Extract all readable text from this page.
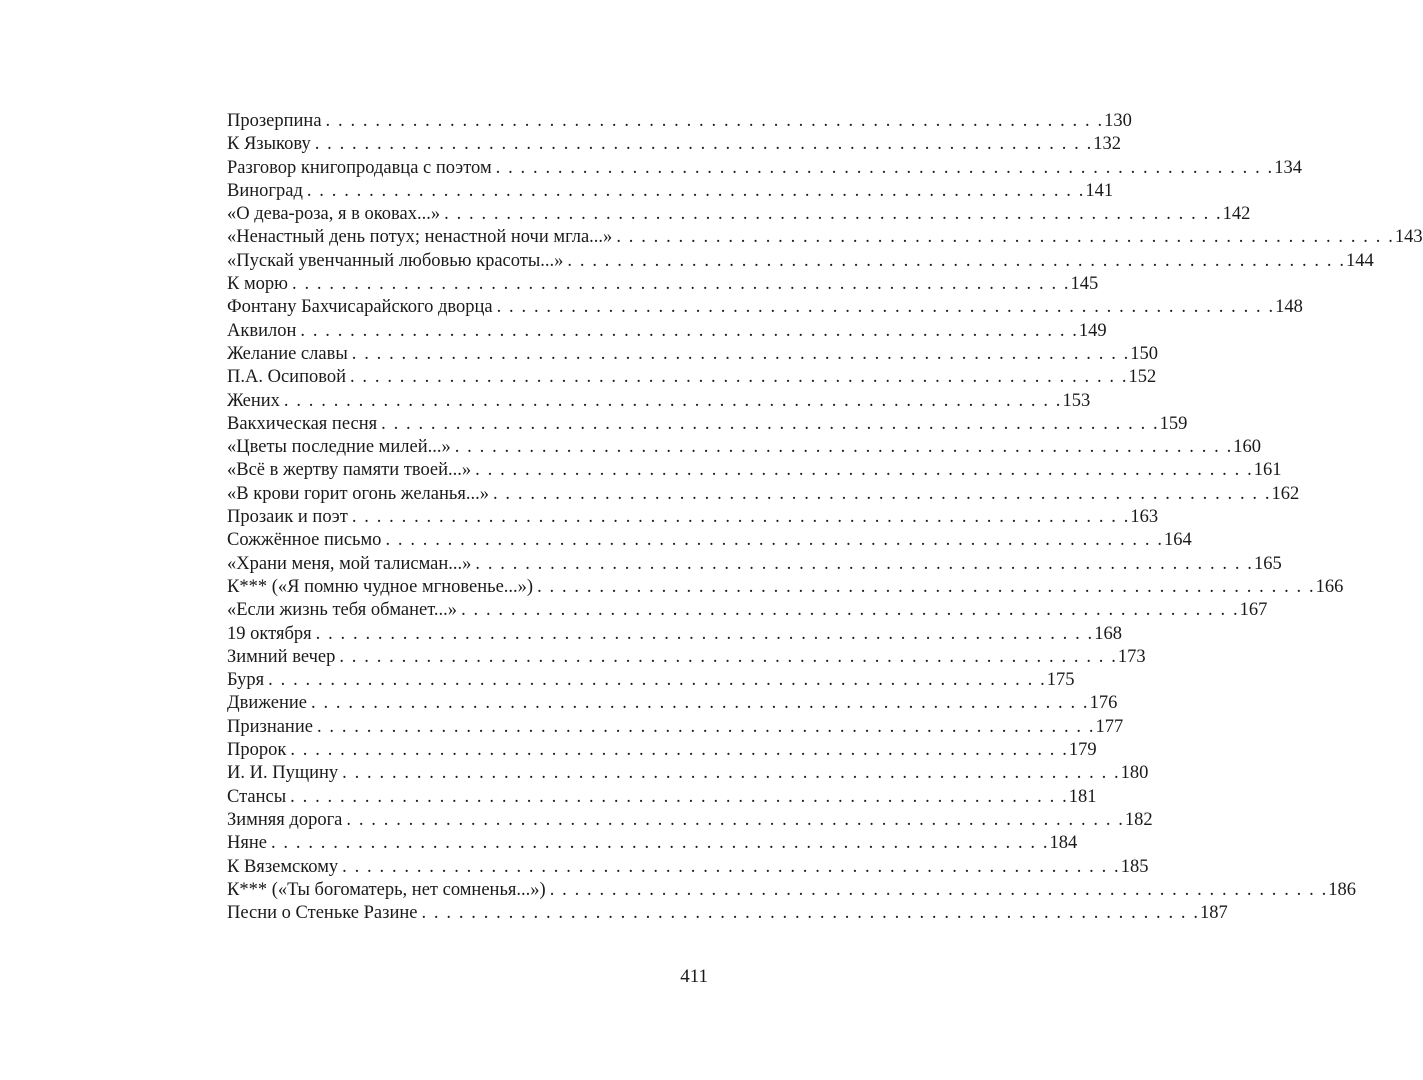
Прозерпина . . .	130
К Языкову . . .	132
Разговор книгопродавца с поэтом . . .	134
Виноград . . .	141
«О дева-роза, я в оковах...» . . .	142
«Ненастный день потух; ненастной ночи мгла...» . . .	143
«Пускай увенчанный любовью красоты...» . . .	144
К морю . . .	145
Фонтану Бахчисарайского дворца . . .	148
Аквилон . . .	149
Желание славы . . .	150
П.А. Осиповой . . .	152
Жених . . .	153
Вакхическая песня . . .	159
«Цветы последние милей...» . . .	160
«Всё в жертву памяти твоей...» . . .	161
«В крови горит огонь желанья...» . . .	162
Прозаик и поэт . . .	163
Сожжённое письмо . . .	164
«Храни меня, мой талисман...» . . .	165
К*** («Я помню чудное мгновенье...») . . .	166
«Если жизнь тебя обманет...» . . .	167
19 октября . . .	168
Зимний вечер . . .	173
Буря . . .	175
Движение . . .	176
Признание . . .	177
Пророк . . .	179
И. И. Пущину . . .	180
Стансы . . .	181
Зимняя дорога . . .	182
Няне . . .	184
К Вяземскому . . .	185
К*** («Ты богоматерь, нет сомненья...») . . .	186
Песни о Стеньке Разине . . .	187
411
